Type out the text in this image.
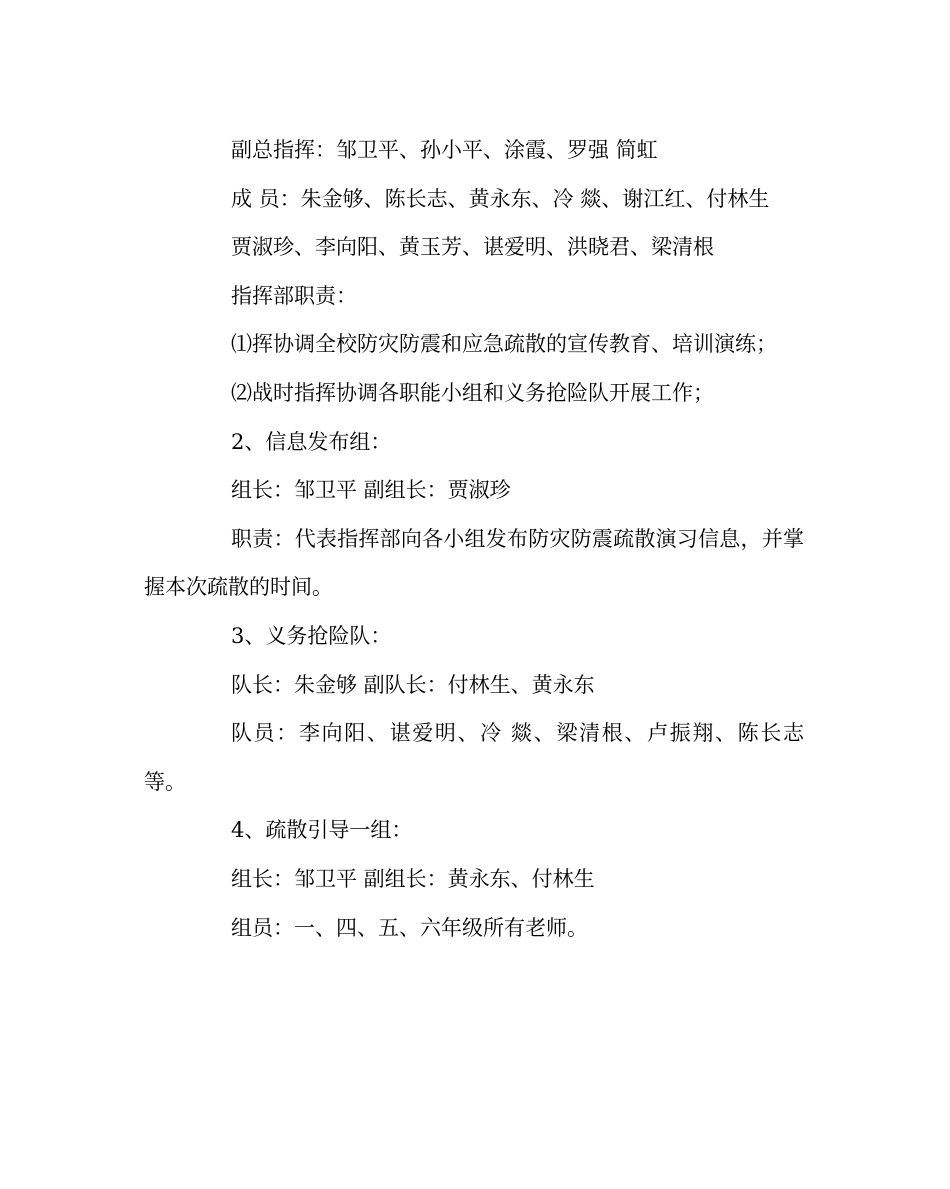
副总指挥：邹卫平、孙小平、涂霞、罗强 简虹
成 员：朱金够、陈长志、黄永东、冷 燚、谢江红、付林生
贾淑珍、李向阳、黄玉芳、谌爱明、洪晓君、梁清根
指挥部职责：
⑴挥协调全校防灾防震和应急疏散的宣传教育、培训演练；
⑵战时指挥协调各职能小组和义务抢险队开展工作；
2、信息发布组：
组长：邹卫平 副组长：贾淑珍
职责：代表指挥部向各小组发布防灾防震疏散演习信息，并掌握本次疏散的时间。
3、义务抢险队：
队长：朱金够 副队长：付林生、黄永东
队员：李向阳、谌爱明、冷 燚、梁清根、卢振翔、陈长志等。
4、疏散引导一组：
组长：邹卫平 副组长：黄永东、付林生
组员：一、四、五、六年级所有老师。
